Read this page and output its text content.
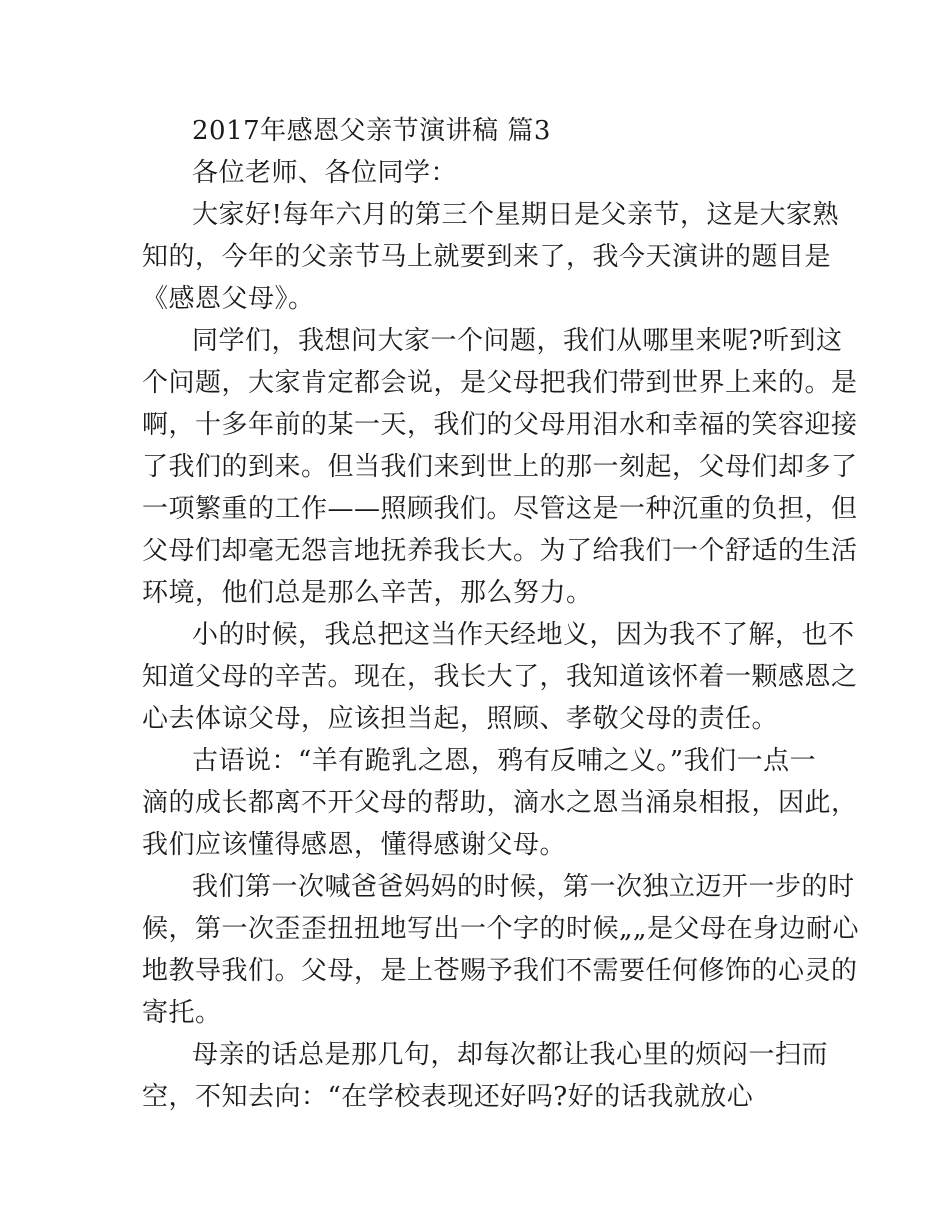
2017年感恩父亲节演讲稿 篇3
各位老师、各位同学：
大家好!每年六月的第三个星期日是父亲节，这是大家熟
知的，今年的父亲节马上就要到来了，我今天演讲的题目是
《感恩父母》。
同学们，我想问大家一个问题，我们从哪里来呢?听到这
个问题，大家肯定都会说，是父母把我们带到世界上来的。是
啊，十多年前的某一天，我们的父母用泪水和幸福的笑容迎接
了我们的到来。但当我们来到世上的那一刻起，父母们却多了
一项繁重的工作——照顾我们。尽管这是一种沉重的负担，但
父母们却毫无怨言地抚养我长大。为了给我们一个舒适的生活
环境，他们总是那么辛苦，那么努力。
小的时候，我总把这当作天经地义，因为我不了解，也不
知道父母的辛苦。现在，我长大了，我知道该怀着一颗感恩之
心去体谅父母，应该担当起，照顾、孝敬父母的责任。
古语说：“羊有跪乳之恩，鸦有反哺之义。”我们一点一
滴的成长都离不开父母的帮助，滴水之恩当涌泉相报，因此，
我们应该懂得感恩，懂得感谢父母。
我们第一次喊爸爸妈妈的时候，第一次独立迈开一步的时
候，第一次歪歪扭扭地写出一个字的时候„„是父母在身边耐心
地教导我们。父母，是上苍赐予我们不需要任何修饰的心灵的
寄托。
母亲的话总是那几句，却每次都让我心里的烦闷一扫而
空，不知去向：“在学校表现还好吗?好的话我就放心
